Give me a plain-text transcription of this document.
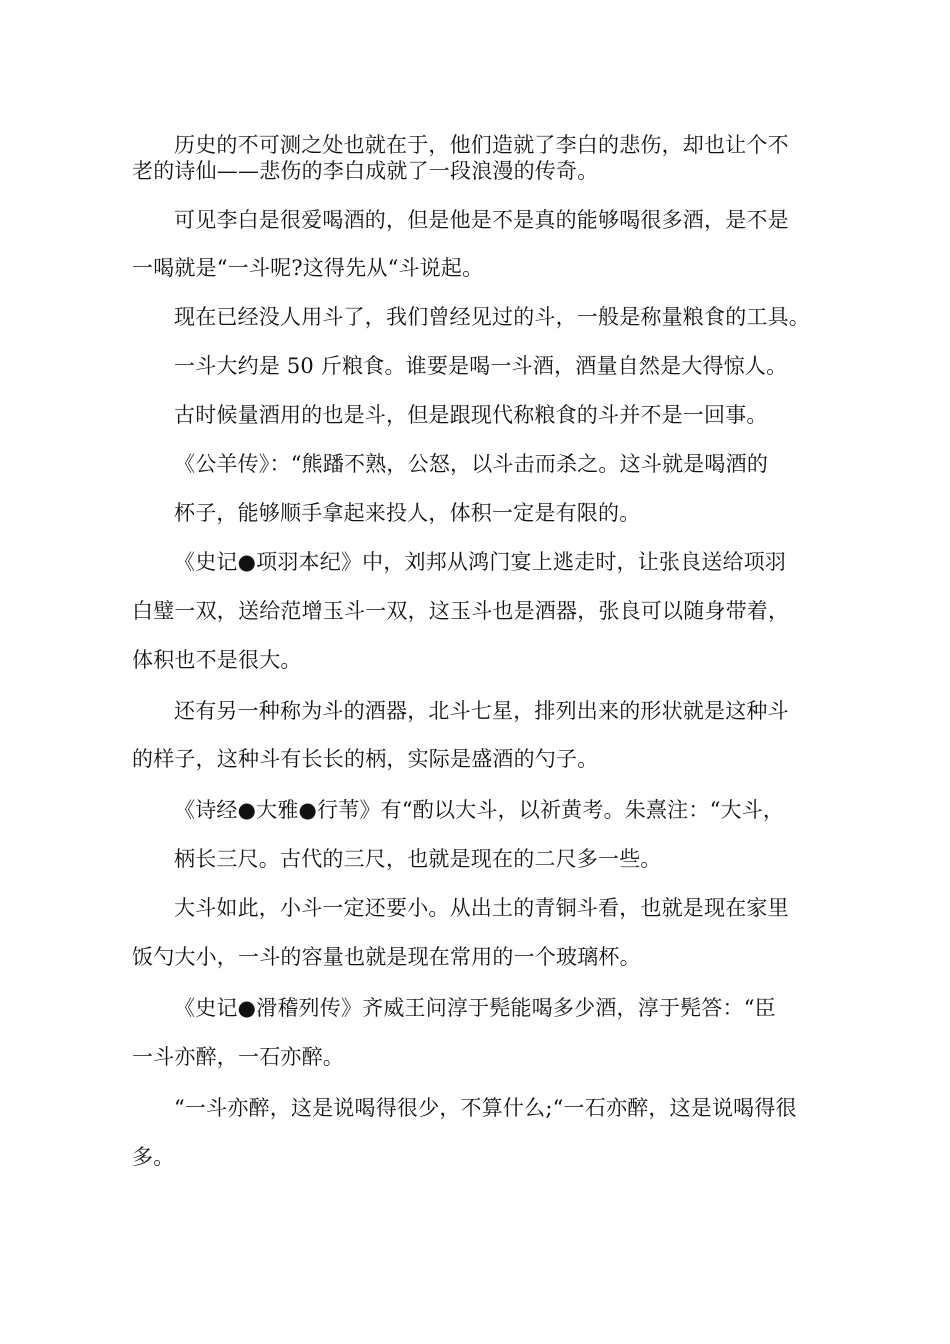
历史的不可测之处也就在于，他们造就了李白的悲伤，却也让个不
老的诗仙——悲伤的李白成就了一段浪漫的传奇。
可见李白是很爱喝酒的，但是他是不是真的能够喝很多酒，是不是
一喝就是“一斗呢?这得先从“斗说起。
现在已经没人用斗了，我们曾经见过的斗，一般是称量粮食的工具。
一斗大约是 50 斤粮食。谁要是喝一斗酒，酒量自然是大得惊人。
古时候量酒用的也是斗，但是跟现代称粮食的斗并不是一回事。
《公羊传》：“熊蹯不熟，公怒，以斗击而杀之。这斗就是喝酒的
杯子，能够顺手拿起来投人，体积一定是有限的。
《史记●项羽本纪》中，刘邦从鸿门宴上逃走时，让张良送给项羽
白璧一双，送给范增玉斗一双，这玉斗也是酒器，张良可以随身带着，
体积也不是很大。
还有另一种称为斗的酒器，北斗七星，排列出来的形状就是这种斗
的样子，这种斗有长长的柄，实际是盛酒的勺子。
《诗经●大雅●行苇》有“酌以大斗，以祈黄考。朱熹注：“大斗，
柄长三尺。古代的三尺，也就是现在的二尺多一些。
大斗如此，小斗一定还要小。从出土的青铜斗看，也就是现在家里
饭勺大小，一斗的容量也就是现在常用的一个玻璃杯。
《史记●滑稽列传》齐威王问淳于髡能喝多少酒，淳于髡答：“臣
一斗亦醉，一石亦醉。
“一斗亦醉，这是说喝得很少，不算什么;“一石亦醉，这是说喝得很
多。
